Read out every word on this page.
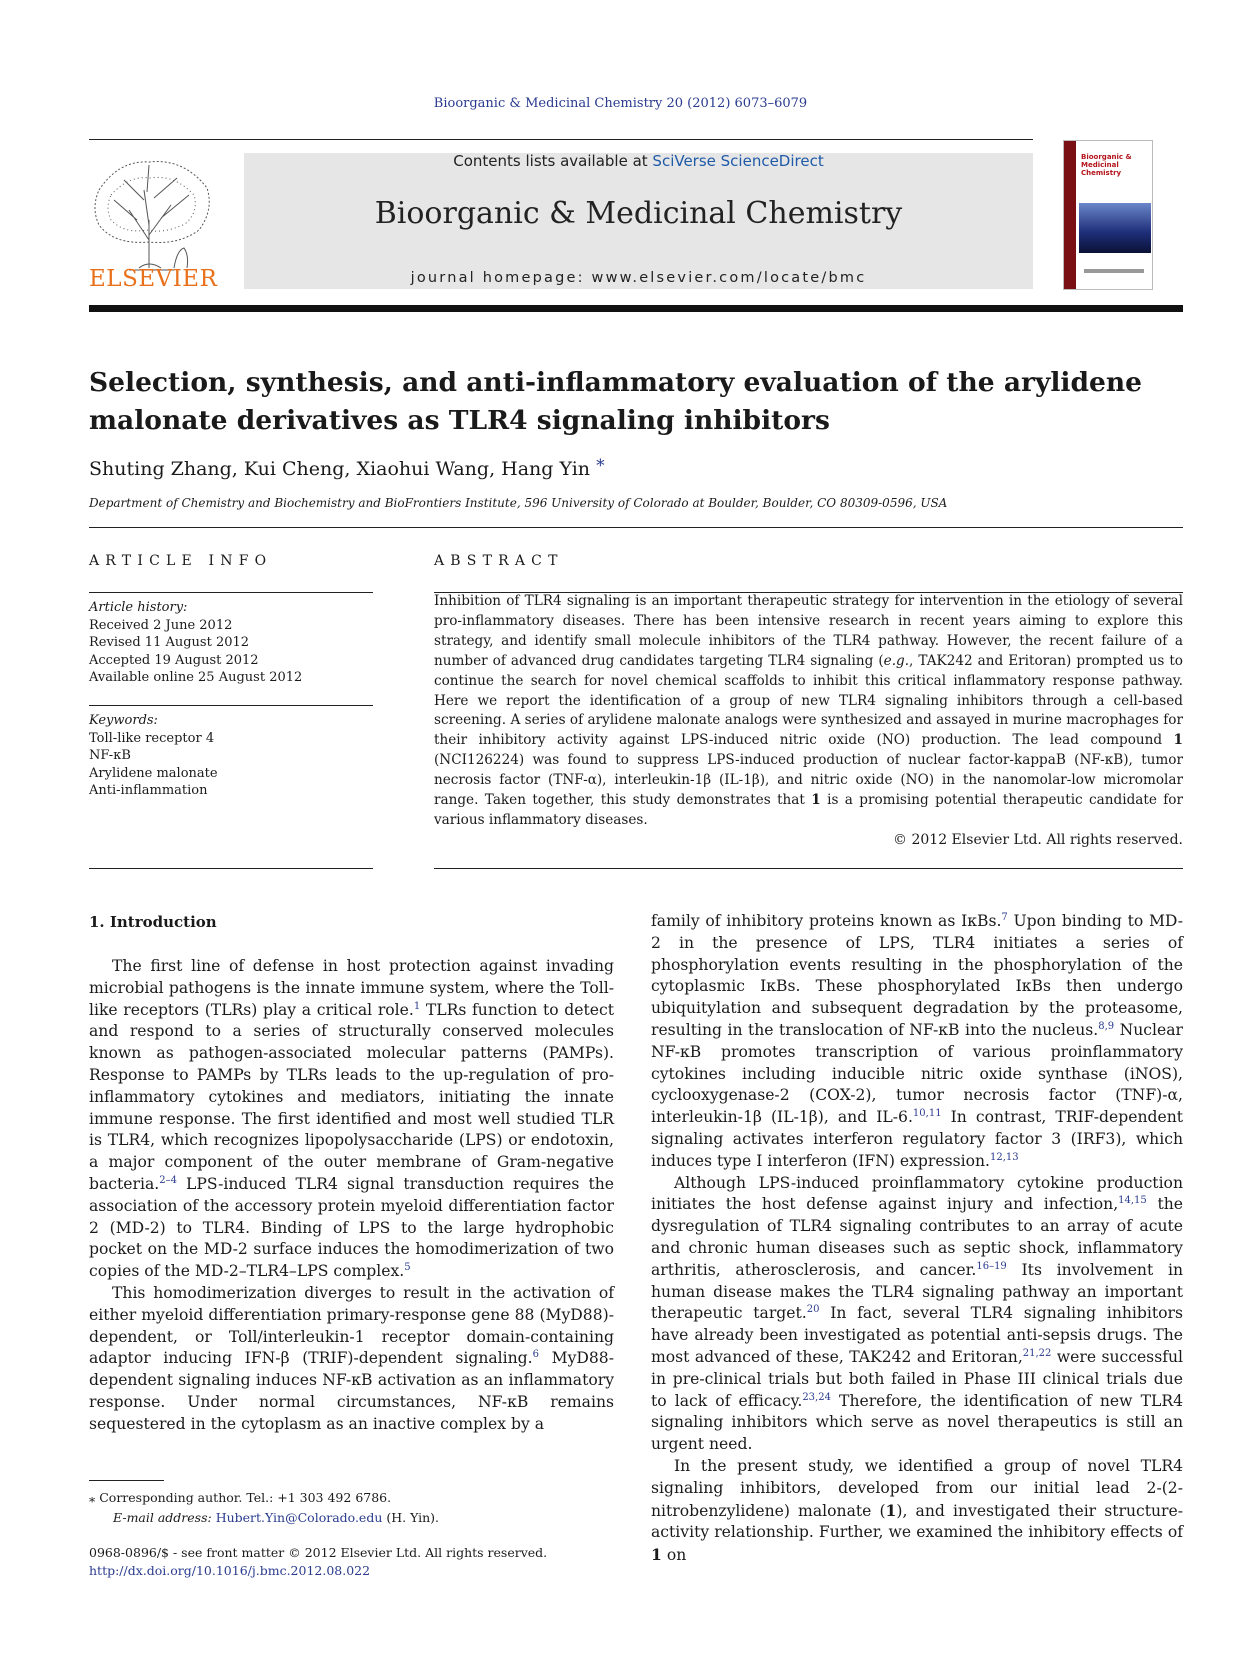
Bioorganic & Medicinal Chemistry 20 (2012) 6073–6079
ELSEVIER
Contents lists available at SciVerse ScienceDirect
Bioorganic & Medicinal Chemistry
journal homepage: www.elsevier.com/locate/bmc
Bioorganic & Medicinal Chemistry
Selection, synthesis, and anti-inflammatory evaluation of the arylidene
malonate derivatives as TLR4 signaling inhibitors
Shuting Zhang, Kui Cheng, Xiaohui Wang, Hang Yin *
Department of Chemistry and Biochemistry and BioFrontiers Institute, 596 University of Colorado at Boulder, Boulder, CO 80309-0596, USA
ARTICLE INFO
Article history:
Received 2 June 2012
Revised 11 August 2012
Accepted 19 August 2012
Available online 25 August 2012
Keywords:
Toll-like receptor 4
NF-κB
Arylidene malonate
Anti-inflammation
ABSTRACT
Inhibition of TLR4 signaling is an important therapeutic strategy for intervention in the etiology of several pro-inflammatory diseases. There has been intensive research in recent years aiming to explore this strategy, and identify small molecule inhibitors of the TLR4 pathway. However, the recent failure of a number of advanced drug candidates targeting TLR4 signaling (e.g., TAK242 and Eritoran) prompted us to continue the search for novel chemical scaffolds to inhibit this critical inflammatory response pathway. Here we report the identification of a group of new TLR4 signaling inhibitors through a cell-based screening. A series of arylidene malonate analogs were synthesized and assayed in murine macrophages for their inhibitory activity against LPS-induced nitric oxide (NO) production. The lead compound 1 (NCI126224) was found to suppress LPS-induced production of nuclear factor-kappaB (NF-κB), tumor necrosis factor (TNF-α), interleukin-1β (IL-1β), and nitric oxide (NO) in the nanomolar-low micromolar range. Taken together, this study demonstrates that 1 is a promising potential therapeutic candidate for various inflammatory diseases.
© 2012 Elsevier Ltd. All rights reserved.
1. Introduction

The first line of defense in host protection against invading microbial pathogens is the innate immune system, where the Toll-like receptors (TLRs) play a critical role.$^1$ TLRs function to detect and respond to a series of structurally conserved molecules known as pathogen-associated molecular patterns (PAMPs). Response to PAMPs by TLRs leads to the up-regulation of pro-inflammatory cytokines and mediators, initiating the innate immune response. The first identified and most well studied TLR is TLR4, which recognizes lipopolysaccharide (LPS) or endotoxin, a major component of the outer membrane of Gram-negative bacteria.$^{2-4}$ LPS-induced TLR4 signal transduction requires the association of the accessory protein myeloid differentiation factor 2 (MD-2) to TLR4. Binding of LPS to the large hydrophobic pocket on the MD-2 surface induces the homodimerization of two copies of the MD-2–TLR4–LPS complex.$^5$

This homodimerization diverges to result in the activation of either myeloid differentiation primary-response gene 88 (MyD88)-dependent, or Toll/interleukin-1 receptor domain-containing adaptor inducing IFN-β (TRIF)-dependent signaling.$^6$ MyD88-dependent signaling induces NF-κB activation as an inflammatory response. Under normal circumstances, NF-κB remains sequestered in the cytoplasm as an inactive complex by a

family of inhibitory proteins known as IκBs.$^7$ Upon binding to MD-2 in the presence of LPS, TLR4 initiates a series of phosphorylation events resulting in the phosphorylation of the cytoplasmic IκBs. These phosphorylated IκBs then undergo ubiquitylation and subsequent degradation by the proteasome, resulting in the translocation of NF-κB into the nucleus.$^{8,9}$ Nuclear NF-κB promotes transcription of various proinflammatory cytokines including inducible nitric oxide synthase (iNOS), cyclooxygenase-2 (COX-2), tumor necrosis factor (TNF)-α, interleukin-1β (IL-1β), and IL-6.$^{10,11}$ In contrast, TRIF-dependent signaling activates interferon regulatory factor 3 (IRF3), which induces type I interferon (IFN) expression.$^{12,13}$

Although LPS-induced proinflammatory cytokine production initiates the host defense against injury and infection,$^{14,15}$ the dysregulation of TLR4 signaling contributes to an array of acute and chronic human diseases such as septic shock, inflammatory arthritis, atherosclerosis, and cancer.$^{16-19}$ Its involvement in human disease makes the TLR4 signaling pathway an important therapeutic target.$^{20}$ In fact, several TLR4 signaling inhibitors have already been investigated as potential anti-sepsis drugs. The most advanced of these, TAK242 and Eritoran,$^{21,22}$ were successful in pre-clinical trials but both failed in Phase III clinical trials due to lack of efficacy.$^{23,24}$ Therefore, the identification of new TLR4 signaling inhibitors which serve as novel therapeutics is still an urgent need.

In the present study, we identified a group of novel TLR4 signaling inhibitors, developed from our initial lead 2-(2-nitrobenzylidene) malonate (1), and investigated their structure-activity relationship. Further, we examined the inhibitory effects of 1 on

⁎ Corresponding author. Tel.: +1 303 492 6786.
E-mail address: Hubert.Yin@Colorado.edu (H. Yin).
0968-0896/$ - see front matter © 2012 Elsevier Ltd. All rights reserved.
http://dx.doi.org/10.1016/j.bmc.2012.08.022
